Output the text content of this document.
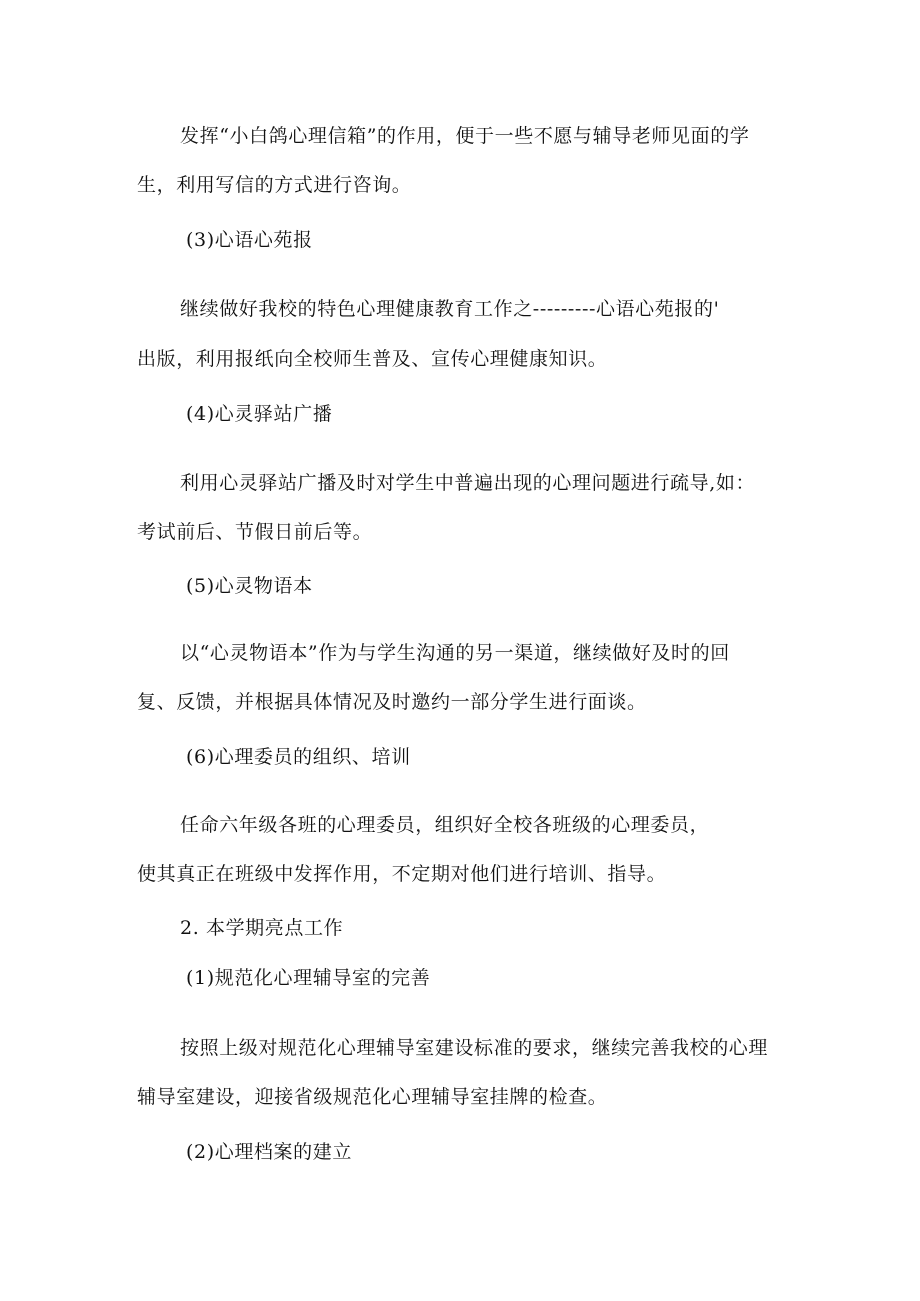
发挥“小白鸽心理信箱”的作用，便于一些不愿与辅导老师见面的学
生，利用写信的方式进行咨询。
(3)心语心苑报
继续做好我校的特色心理健康教育工作之---------心语心苑报的'
出版，利用报纸向全校师生普及、宣传心理健康知识。
(4)心灵驿站广播
利用心灵驿站广播及时对学生中普遍出现的心理问题进行疏导,如：
考试前后、节假日前后等。
(5)心灵物语本
以“心灵物语本”作为与学生沟通的另一渠道，继续做好及时的回
复、反馈，并根据具体情况及时邀约一部分学生进行面谈。
(6)心理委员的组织、培训
任命六年级各班的心理委员，组织好全校各班级的心理委员，
使其真正在班级中发挥作用，不定期对他们进行培训、指导。
2. 本学期亮点工作
(1)规范化心理辅导室的完善
按照上级对规范化心理辅导室建设标准的要求，继续完善我校的心理
辅导室建设，迎接省级规范化心理辅导室挂牌的检查。
(2)心理档案的建立
